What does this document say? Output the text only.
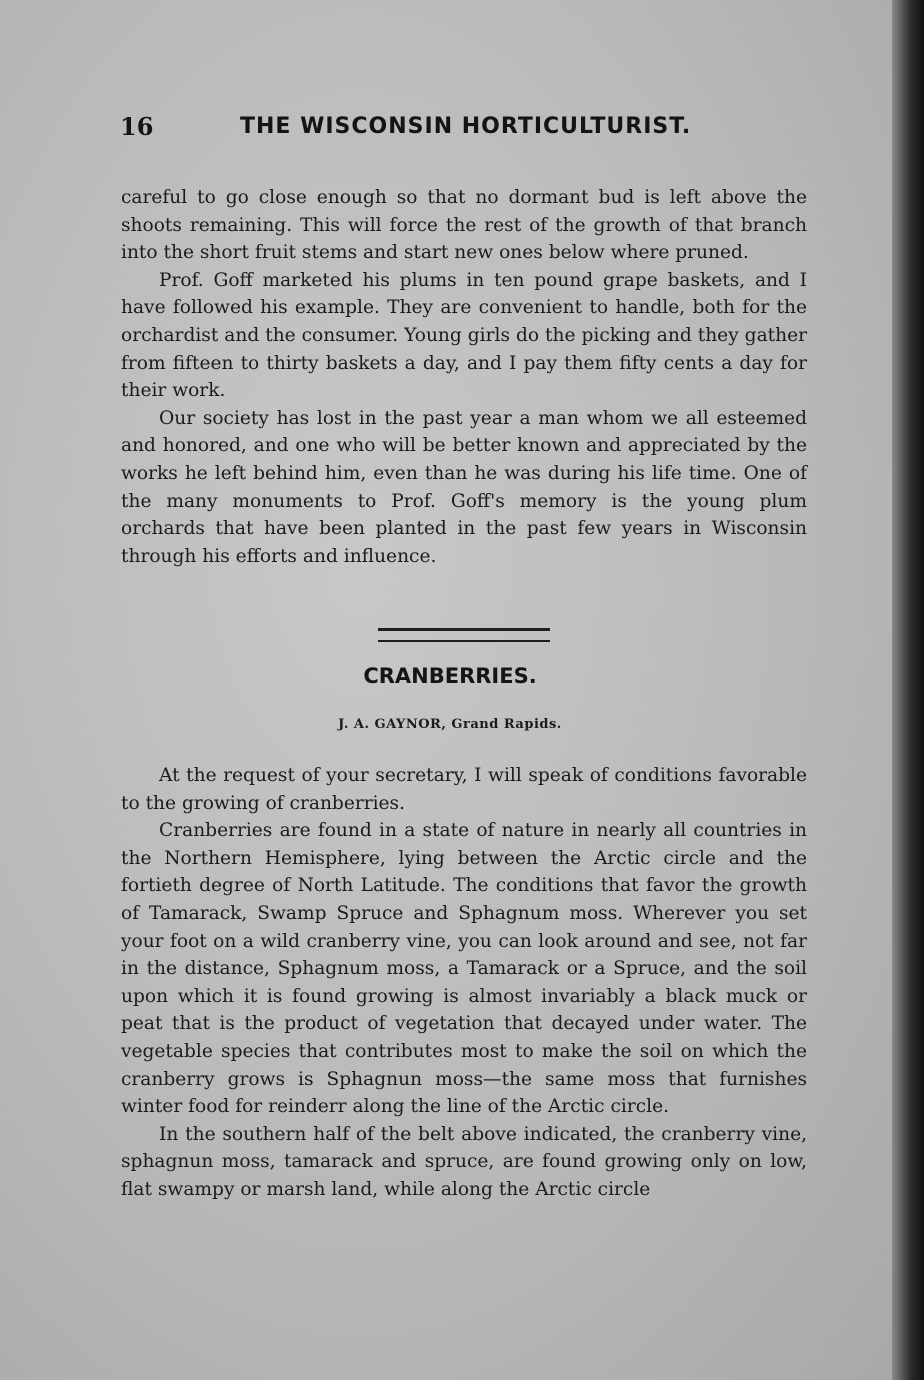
16	THE WISCONSIN HORTICULTURIST.

careful to go close enough so that no dormant bud is left above the shoots remaining. This will force the rest of the growth of that branch into the short fruit stems and start new ones below where pruned.

Prof. Goff marketed his plums in ten pound grape baskets, and I have followed his example. They are convenient to handle, both for the orchardist and the consumer. Young girls do the picking and they gather from fifteen to thirty baskets a day, and I pay them fifty cents a day for their work.

Our society has lost in the past year a man whom we all esteemed and honored, and one who will be better known and appreciated by the works he left behind him, even than he was during his life time. One of the many monuments to Prof. Goff's memory is the young plum orchards that have been planted in the past few years in Wisconsin through his efforts and influence.

CRANBERRIES.
J. A. GAYNOR, Grand Rapids.

At the request of your secretary, I will speak of conditions favorable to the growing of cranberries.

Cranberries are found in a state of nature in nearly all countries in the Northern Hemisphere, lying between the Arctic circle and the fortieth degree of North Latitude. The conditions that favor the growth of Tamarack, Swamp Spruce and Sphagnum moss. Wherever you set your foot on a wild cranberry vine, you can look around and see, not far in the distance, Sphagnum moss, a Tamarack or a Spruce, and the soil upon which it is found growing is almost invariably a black muck or peat that is the product of vegetation that decayed under water. The vegetable species that contributes most to make the soil on which the cranberry grows is Sphagnun moss—the same moss that furnishes winter food for reinderr along the line of the Arctic circle.

In the southern half of the belt above indicated, the cranberry vine, sphagnun moss, tamarack and spruce, are found growing only on low, flat swampy or marsh land, while along the Arctic circle
